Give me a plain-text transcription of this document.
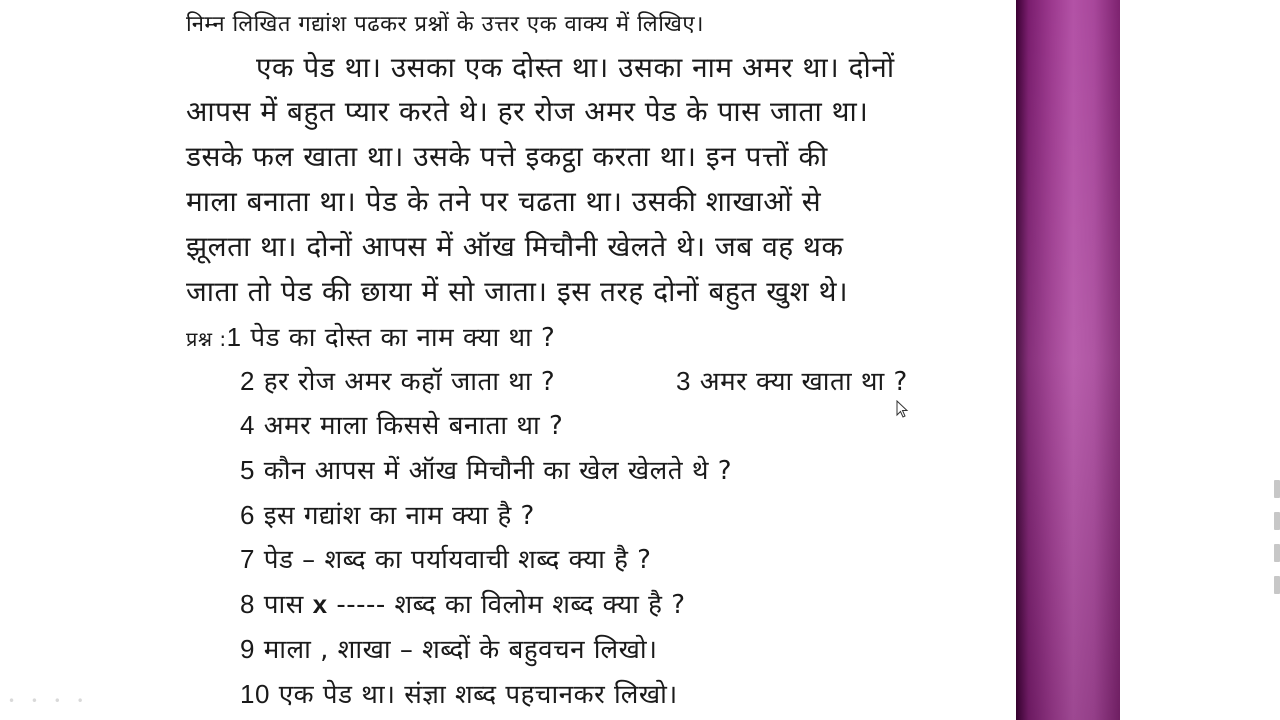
• • • •
निम्न लिखित गद्यांश पढकर प्रश्नों के उत्तर एक वाक्य में लिखिए।
एक पेड था। उसका एक दोस्त था। उसका नाम अमर था। दोनों
आपस में बहुत प्यार करते थे। हर रोज अमर पेड के पास जाता था।
डसके फल खाता था। उसके पत्ते इकट्ठा करता था। इन पत्तों की
माला बनाता था। पेड के तने पर चढता था। उसकी शाखाओं से
झूलता था। दोनों आपस में ऑख मिचौनी खेलते थे। जब वह थक
जाता तो पेड की छाया में सो जाता। इस तरह दोनों बहुत खुश थे।
प्रश्न :1 पेड का दोस्त का नाम क्या था ?
2 हर रोज अमर कहॉ जाता था ?	3 अमर क्या खाता था ?
4 अमर माला किससे बनाता था ?
5 कौन आपस में ऑख मिचौनी का खेल खेलते थे ?
6 इस गद्यांश का नाम क्या है ?
7 पेड – शब्द का पर्यायवाची शब्द क्या है ?
8 पास x ----- शब्द का विलोम शब्द क्या है ?
9 माला , शाखा – शब्दों के बहुवचन लिखो।
10 एक पेड था। संज्ञा शब्द पहचानकर लिखो।
